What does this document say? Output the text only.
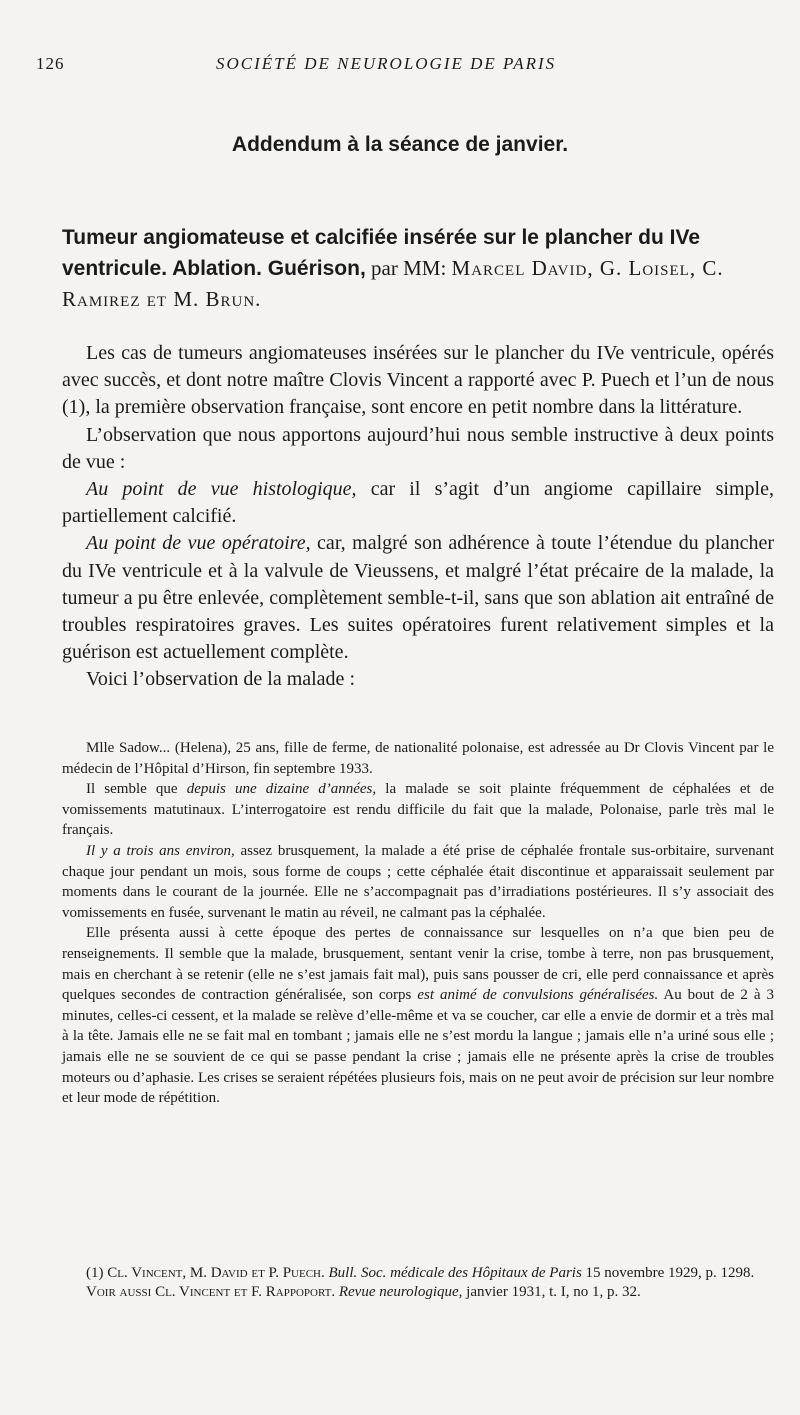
126	SOCIÉTÉ DE NEUROLOGIE DE PARIS
Addendum à la séance de janvier.
Tumeur angiomateuse et calcifiée insérée sur le plancher du IVe ventricule. Ablation. Guérison, par MM: Marcel David, G. Loisel, C. Ramirez et M. Brun.

Les cas de tumeurs angiomateuses insérées sur le plancher du IVe ventricule, opérés avec succès, et dont notre maître Clovis Vincent a rapporté avec P. Puech et l’un de nous (1), la première observation française, sont encore en petit nombre dans la littérature.

L’observation que nous apportons aujourd’hui nous semble instructive à deux points de vue :

Au point de vue histologique, car il s’agit d’un angiome capillaire simple, partiellement calcifié.

Au point de vue opératoire, car, malgré son adhérence à toute l’étendue du plancher du IVe ventricule et à la valvule de Vieussens, et malgré l’état précaire de la malade, la tumeur a pu être enlevée, complètement semble-t-il, sans que son ablation ait entraîné de troubles respiratoires graves. Les suites opératoires furent relativement simples et la guérison est actuellement complète.

Voici l’observation de la malade :

Mlle Sadow... (Helena), 25 ans, fille de ferme, de nationalité polonaise, est adressée au Dr Clovis Vincent par le médecin de l’Hôpital d’Hirson, fin septembre 1933.

Il semble que depuis une dizaine d’années, la malade se soit plainte fréquemment de céphalées et de vomissements matutinaux. L’interrogatoire est rendu difficile du fait que la malade, Polonaise, parle très mal le français.

Il y a trois ans environ, assez brusquement, la malade a été prise de céphalée frontale sus-orbitaire, survenant chaque jour pendant un mois, sous forme de coups ; cette céphalée était discontinue et apparaissait seulement par moments dans le courant de la journée. Elle ne s’accompagnait pas d’irradiations postérieures. Il s’y associait des vomissements en fusée, survenant le matin au réveil, ne calmant pas la céphalée.

Elle présenta aussi à cette époque des pertes de connaissance sur lesquelles on n’a que bien peu de renseignements. Il semble que la malade, brusquement, sentant venir la crise, tombe à terre, non pas brusquement, mais en cherchant à se retenir (elle ne s’est jamais fait mal), puis sans pousser de cri, elle perd connaissance et après quelques secondes de contraction généralisée, son corps est animé de convulsions généralisées. Au bout de 2 à 3 minutes, celles-ci cessent, et la malade se relève d’elle-même et va se coucher, car elle a envie de dormir et a très mal à la tête. Jamais elle ne se fait mal en tombant ; jamais elle ne s’est mordu la langue ; jamais elle n’a uriné sous elle ; jamais elle ne se souvient de ce qui se passe pendant la crise ; jamais elle ne présente après la crise de troubles moteurs ou d’aphasie. Les crises se seraient répétées plusieurs fois, mais on ne peut avoir de précision sur leur nombre et leur mode de répétition.

(1) Cl. Vincent, M. David et P. Puech. Bull. Soc. médicale des Hôpitaux de Paris 15 novembre 1929, p. 1298.

Voir aussi Cl. Vincent et F. Rappoport. Revue neurologique, janvier 1931, t. I, no 1, p. 32.
